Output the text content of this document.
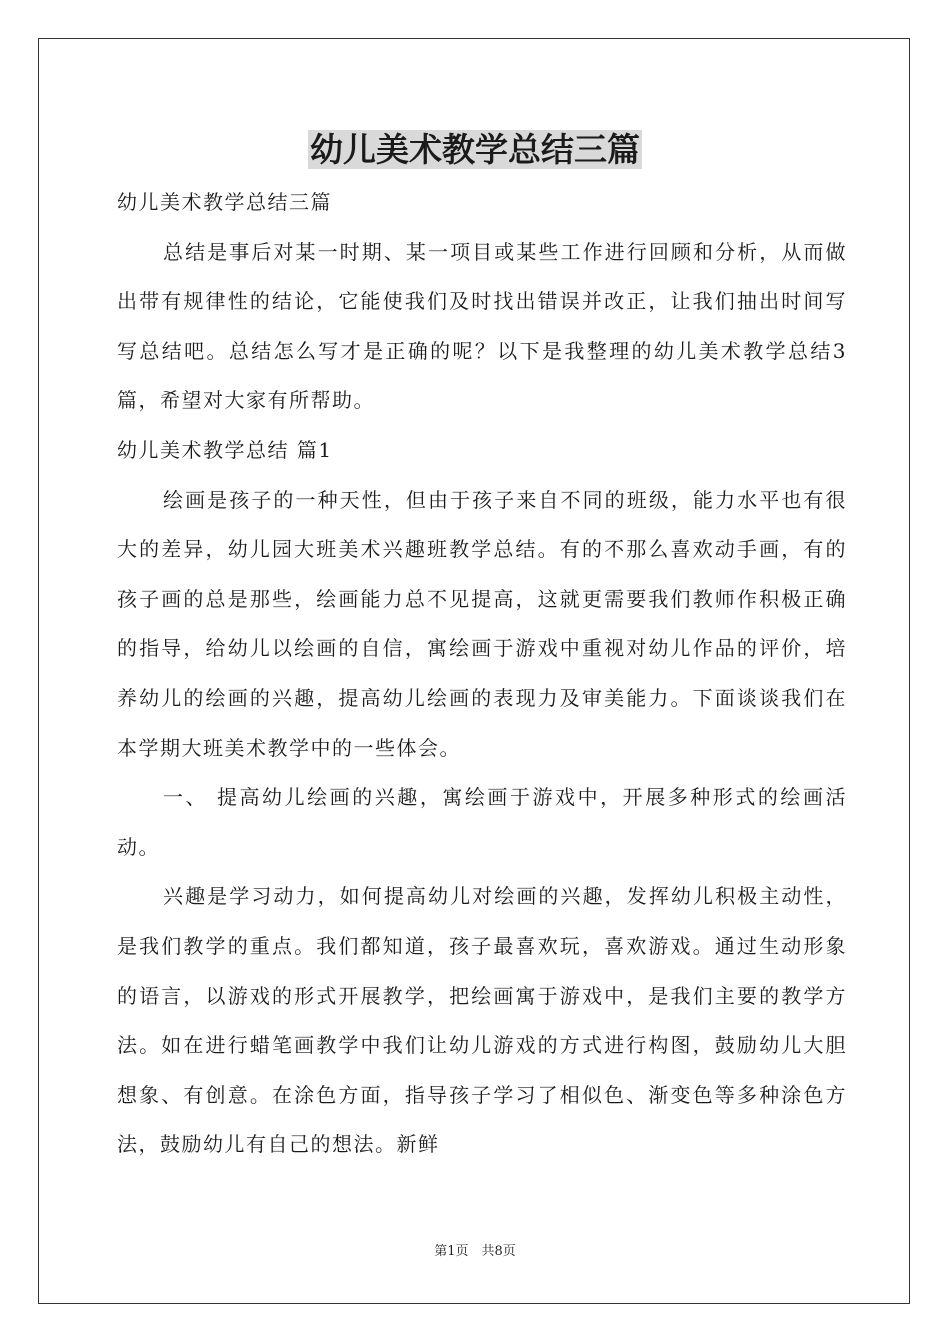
幼儿美术教学总结三篇

幼儿美术教学总结三篇

总结是事后对某一时期、某一项目或某些工作进行回顾和分析，从而做出带有规律性的结论，它能使我们及时找出错误并改正，让我们抽出时间写写总结吧。总结怎么写才是正确的呢？以下是我整理的幼儿美术教学总结3篇，希望对大家有所帮助。

幼儿美术教学总结 篇1

绘画是孩子的一种天性，但由于孩子来自不同的班级，能力水平也有很大的差异，幼儿园大班美术兴趣班教学总结。有的不那么喜欢动手画，有的孩子画的总是那些，绘画能力总不见提高，这就更需要我们教师作积极正确的指导，给幼儿以绘画的自信，寓绘画于游戏中重视对幼儿作品的评价，培养幼儿的绘画的兴趣，提高幼儿绘画的表现力及审美能力。下面谈谈我们在本学期大班美术教学中的一些体会。

一、 提高幼儿绘画的兴趣，寓绘画于游戏中，开展多种形式的绘画活动。

兴趣是学习动力，如何提高幼儿对绘画的兴趣，发挥幼儿积极主动性，是我们教学的重点。我们都知道，孩子最喜欢玩，喜欢游戏。通过生动形象的语言，以游戏的形式开展教学，把绘画寓于游戏中，是我们主要的教学方法。如在进行蜡笔画教学中我们让幼儿游戏的方式进行构图，鼓励幼儿大胆想象、有创意。在涂色方面，指导孩子学习了相似色、渐变色等多种涂色方法，鼓励幼儿有自己的想法。新鲜

第1页　共8页
